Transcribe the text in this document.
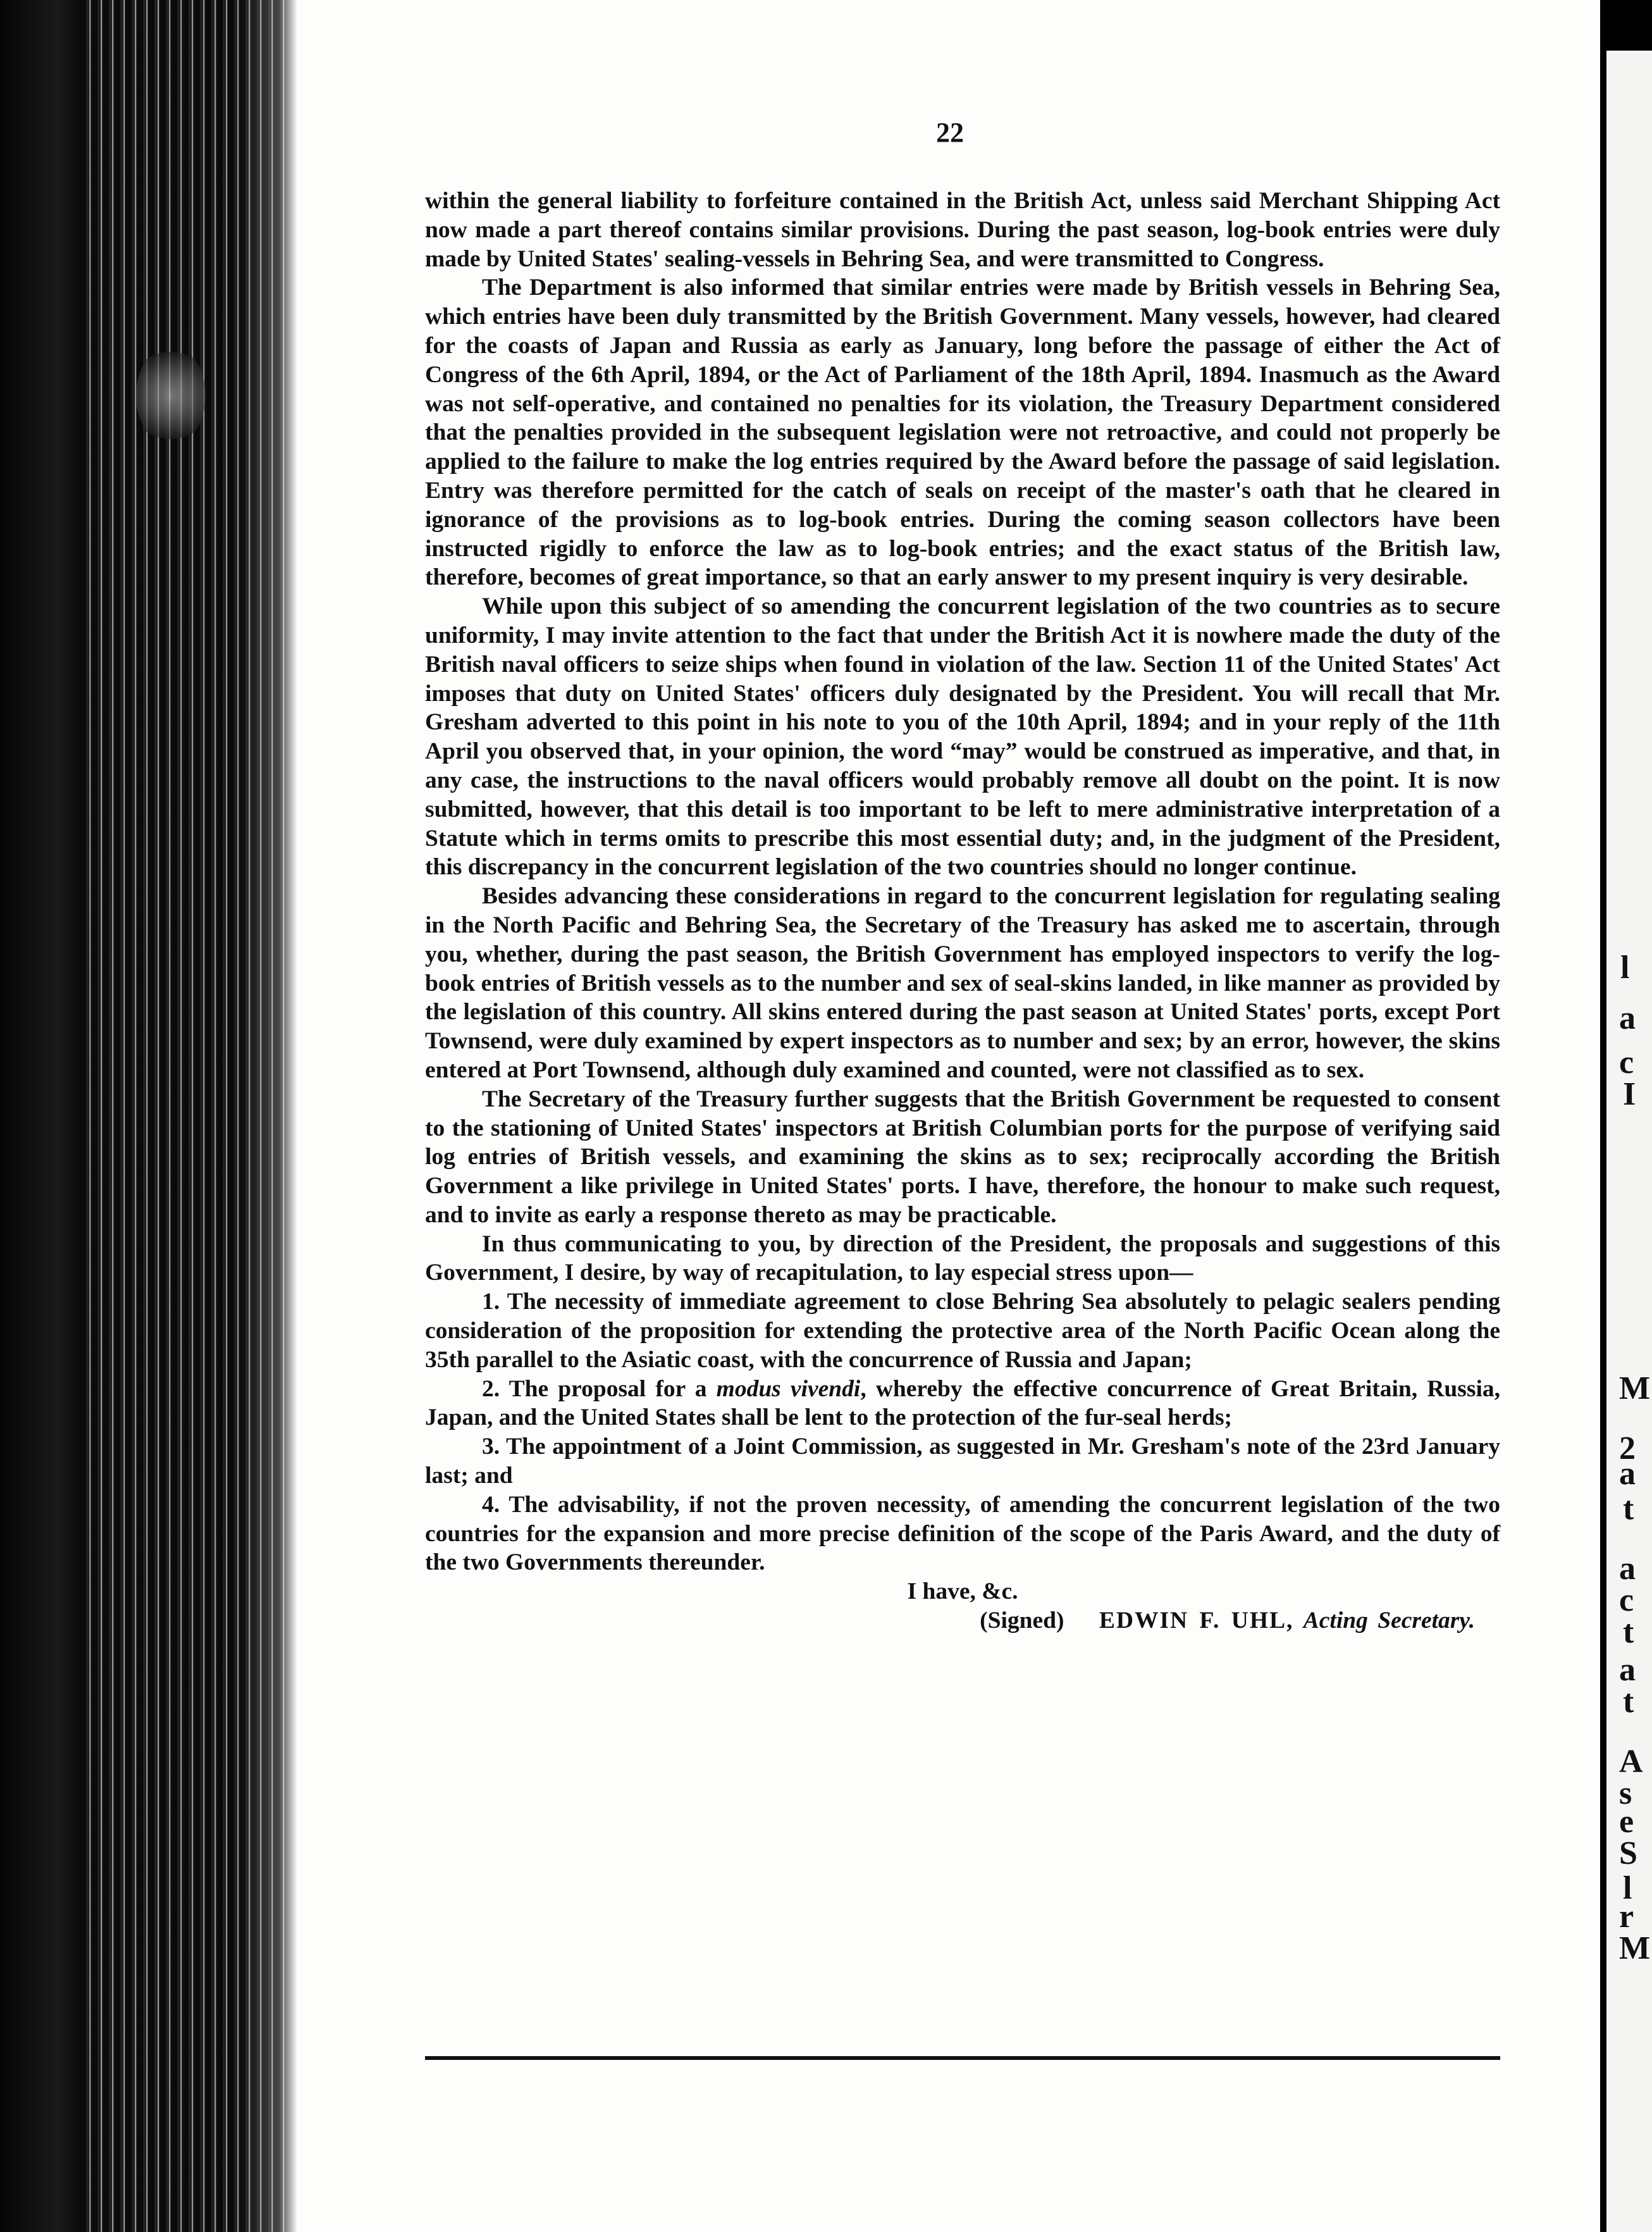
l
a
c
I
M
2
a
t
a
c
t
a
t
A
s
e
S
l
r
M
22

within the general liability to forfeiture contained in the British Act, unless said Merchant Shipping Act now made a part thereof contains similar provisions. During the past season, log-book entries were duly made by United States' sealing-vessels in Behring Sea, and were transmitted to Congress.

The Department is also informed that similar entries were made by British vessels in Behring Sea, which entries have been duly transmitted by the British Government. Many vessels, however, had cleared for the coasts of Japan and Russia as early as January, long before the passage of either the Act of Congress of the 6th April, 1894, or the Act of Parliament of the 18th April, 1894. Inasmuch as the Award was not self-operative, and contained no penalties for its violation, the Treasury Department considered that the penalties provided in the subsequent legislation were not retroactive, and could not properly be applied to the failure to make the log entries required by the Award before the passage of said legislation. Entry was therefore permitted for the catch of seals on receipt of the master's oath that he cleared in ignorance of the provisions as to log-book entries. During the coming season collectors have been instructed rigidly to enforce the law as to log-book entries; and the exact status of the British law, therefore, becomes of great importance, so that an early answer to my present inquiry is very desirable.

While upon this subject of so amending the concurrent legislation of the two countries as to secure uniformity, I may invite attention to the fact that under the British Act it is nowhere made the duty of the British naval officers to seize ships when found in violation of the law. Section 11 of the United States' Act imposes that duty on United States' officers duly designated by the President. You will recall that Mr. Gresham adverted to this point in his note to you of the 10th April, 1894; and in your reply of the 11th April you observed that, in your opinion, the word “may” would be construed as imperative, and that, in any case, the instructions to the naval officers would probably remove all doubt on the point. It is now submitted, however, that this detail is too important to be left to mere administrative interpretation of a Statute which in terms omits to prescribe this most essential duty; and, in the judgment of the President, this discrepancy in the concurrent legislation of the two countries should no longer continue.

Besides advancing these considerations in regard to the concurrent legislation for regulating sealing in the North Pacific and Behring Sea, the Secretary of the Treasury has asked me to ascertain, through you, whether, during the past season, the British Government has employed inspectors to verify the log-book entries of British vessels as to the number and sex of seal-skins landed, in like manner as provided by the legislation of this country. All skins entered during the past season at United States' ports, except Port Townsend, were duly examined by expert inspectors as to number and sex; by an error, however, the skins entered at Port Townsend, although duly examined and counted, were not classified as to sex.

The Secretary of the Treasury further suggests that the British Government be requested to consent to the stationing of United States' inspectors at British Columbian ports for the purpose of verifying said log entries of British vessels, and examining the skins as to sex; reciprocally according the British Government a like privilege in United States' ports. I have, therefore, the honour to make such request, and to invite as early a response thereto as may be practicable.

In thus communicating to you, by direction of the President, the proposals and suggestions of this Government, I desire, by way of recapitulation, to lay especial stress upon—

1. The necessity of immediate agreement to close Behring Sea absolutely to pelagic sealers pending consideration of the proposition for extending the protective area of the North Pacific Ocean along the 35th parallel to the Asiatic coast, with the concurrence of Russia and Japan;

2. The proposal for a modus vivendi, whereby the effective concurrence of Great Britain, Russia, Japan, and the United States shall be lent to the protection of the fur-seal herds;

3. The appointment of a Joint Commission, as suggested in Mr. Gresham's note of the 23rd January last; and

4. The advisability, if not the proven necessity, of amending the concurrent legislation of the two countries for the expansion and more precise definition of the scope of the Paris Award, and the duty of the two Governments thereunder.

I have, &c.

(Signed) EDWIN F. UHL, Acting Secretary.
